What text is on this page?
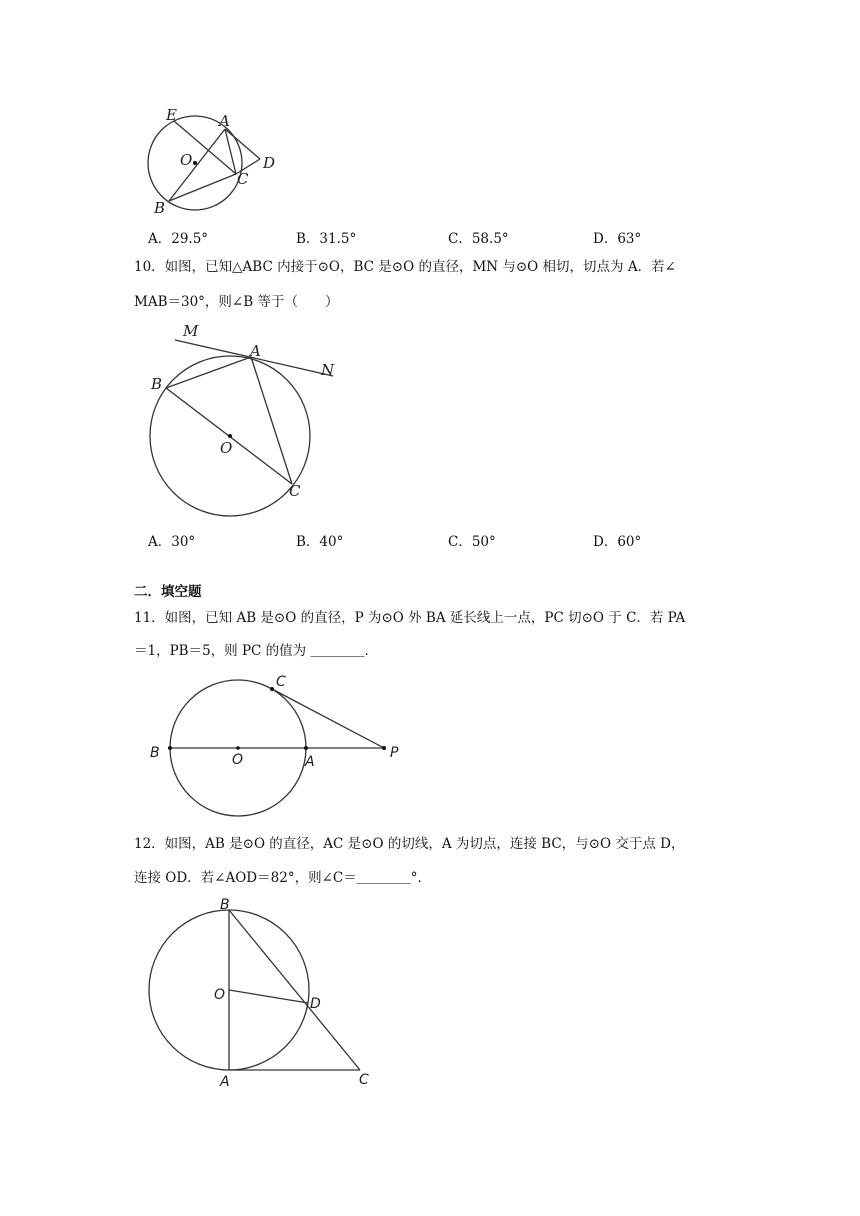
E	A
O	D
C
B
A．29.5°	B．31.5°	C．58.5°	D．63°
10．如图，已知△ABC 内接于⊙O，BC 是⊙O 的直径，MN 与⊙O 相切，切点为 A．若∠
MAB＝30°，则∠B 等于（　　）
M
A
N
B
O
C
A．30°	B．40°	C．50°	D．60°
二．填空题
11．如图，已知 AB 是⊙O 的直径，P 为⊙O 外 BA 延长线上一点，PC 切⊙O 于 C．若 PA
＝1，PB＝5，则 PC 的值为 ＿＿＿＿．
C
B	O	A
P
12．如图，AB 是⊙O 的直径，AC 是⊙O 的切线，A 为切点，连接 BC，与⊙O 交于点 D，
连接 OD．若∠AOD＝82°，则∠C＝＿＿＿＿°．
B
O
D
A	C
